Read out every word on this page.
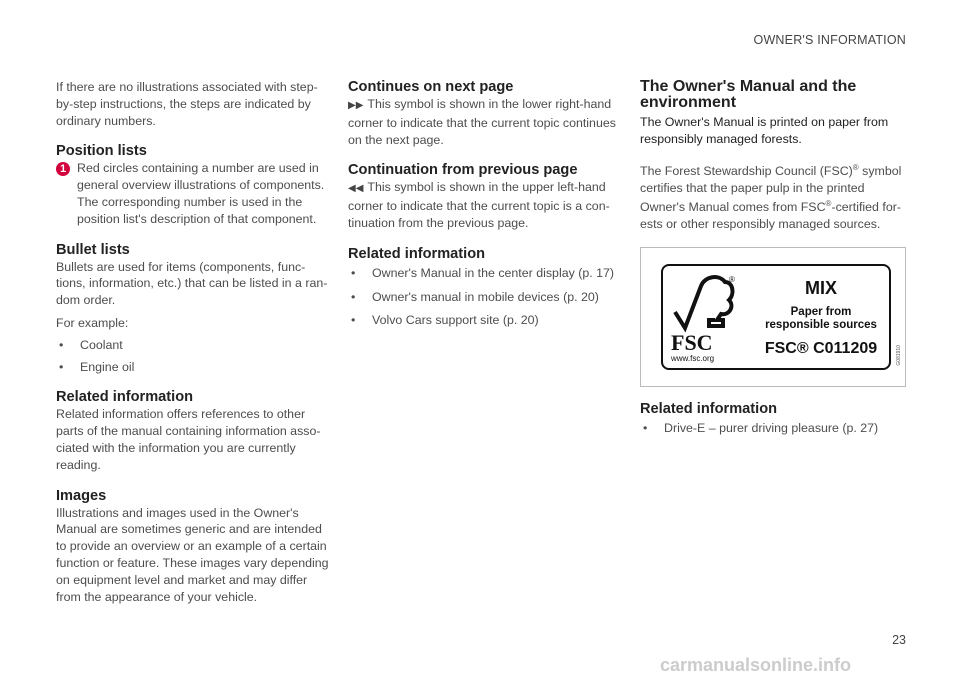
OWNER'S INFORMATION
If there are no illustrations associated with step-
by-step instructions, the steps are indicated by
ordinary numbers.
Position lists
1 Red circles containing a number are used in
general overview illustrations of components.
The corresponding number is used in the
position list's description of that component.
Bullet lists
Bullets are used for items (components, func-
tions, information, etc.) that can be listed in a ran-
dom order.

For example:

•	Coolant
•	Engine oil
Related information
Related information offers references to other
parts of the manual containing information asso-
ciated with the information you are currently
reading.
Images
Illustrations and images used in the Owner's
Manual are sometimes generic and are intended
to provide an overview or an example of a certain
function or feature. These images vary depending
on equipment level and market and may differ
from the appearance of your vehicle.
Continues on next page
▶▶ This symbol is shown in the lower right-hand
corner to indicate that the current topic continues
on the next page.
Continuation from previous page
◀◀ This symbol is shown in the upper left-hand
corner to indicate that the current topic is a con-
tinuation from the previous page.
Related information
•	Owner's Manual in the center display (p. 17)
•	Owner's manual in mobile devices (p. 20)
•	Volvo Cars support site (p. 20)
The Owner's Manual and the
environment
The Owner's Manual is printed on paper from
responsibly managed forests.
The Forest Stewardship Council (FSC)® symbol
certifies that the paper pulp in the printed
Owner's Manual comes from FSC®-certified for-
ests or other responsibly managed sources.
®
FSC
www.fsc.org
MIX
Paper from
responsible sources
FSC® C011209	G081910
Related information
•	Drive-E – purer driving pleasure (p. 27)
23
carmanualsonline.info
